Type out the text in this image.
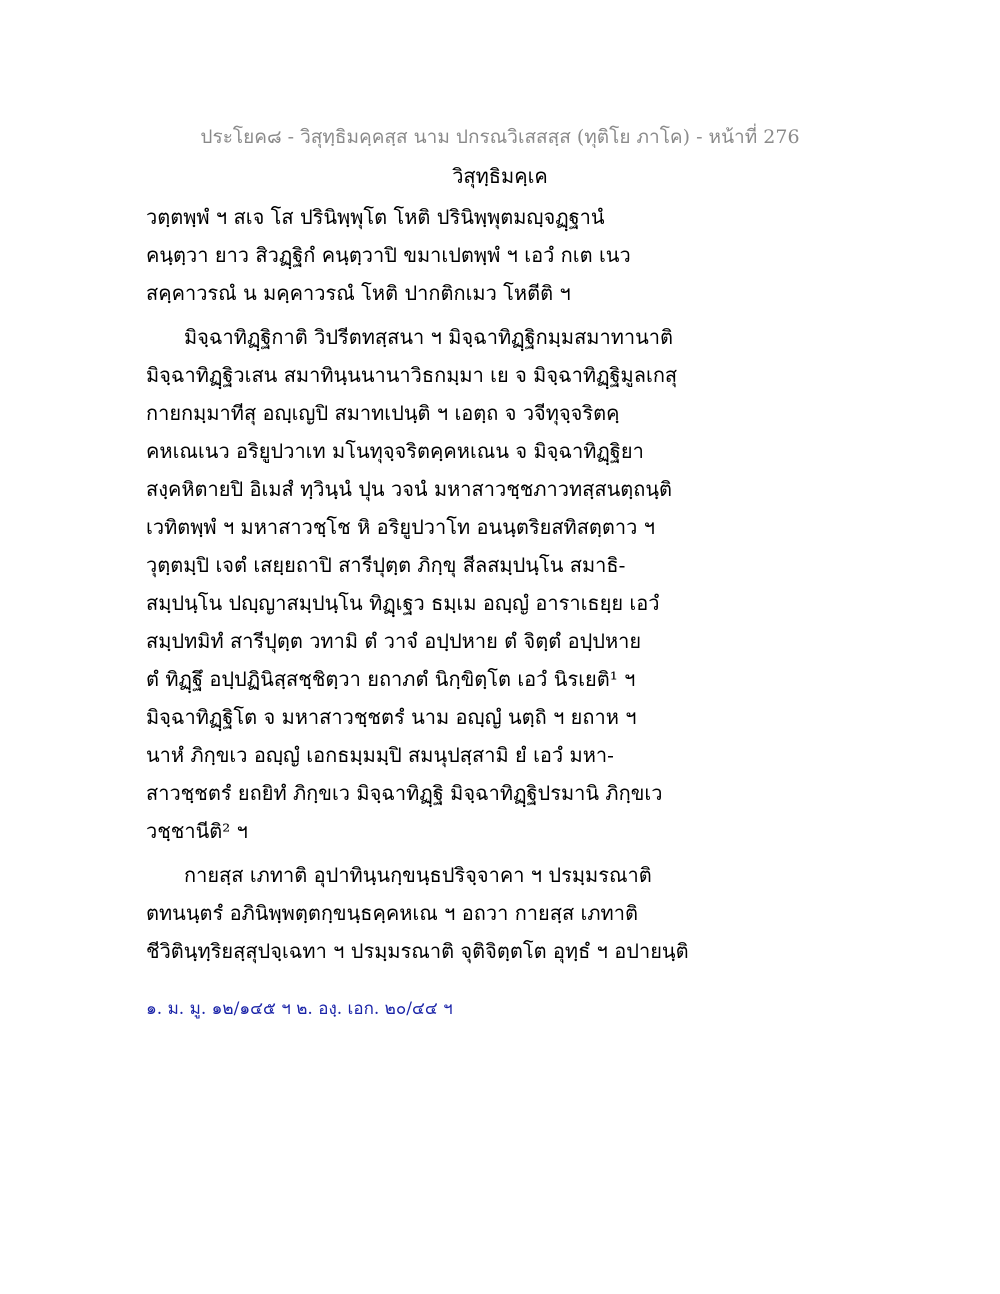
ประโยค๘ - วิสุทฺธิมคฺคสฺส นาม ปกรณวิเสสสฺส (ทุติโย ภาโค) - หน้าที่ 276
วิสุทฺธิมคฺเค
วตฺตพฺพํ ฯ สเจ โส ปรินิพฺพุโต โหติ ปรินิพฺพุตมญฺจฏฺฐานํ
คนฺตฺวา ยาว สิวฏฺฐิกํ คนฺตฺวาปิ ขมาเปตพฺพํ ฯ เอวํ กเต เนว
สคฺคาวรณํ น มคฺคาวรณํ โหติ ปากติกเมว โหตีติ ฯ
มิจฺฉาทิฏฺฐิกาติ วิปรีตทสฺสนา ฯ มิจฺฉาทิฏฺฐิกมฺมสมาทานาติ
มิจฺฉาทิฏฺฐิวเสน สมาทินฺนนานาวิธกมฺมา เย จ มิจฺฉาทิฏฺฐิมูลเกสุ
กายกมฺมาทีสุ อญฺเญปิ สมาทเปนฺติ ฯ เอตฺถ จ วจีทุจฺจริตคฺ
คหเณเนว อริยูปวาเท มโนทุจฺจริตคฺคหเณน จ มิจฺฉาทิฏฺฐิยา
สงฺคหิตายปิ อิเมสํ ทฺวินฺนํ ปุน วจนํ มหาสาวชฺชภาวทสฺสนตฺถนฺติ
เวทิตพฺพํ ฯ มหาสาวชฺโช หิ อริยูปวาโท อนนฺตริยสทิสตฺตาว ฯ
วุตฺตมฺปิ เจตํ เสยฺยถาปิ สารีปุตฺต ภิกฺขุ สีลสมฺปนฺโน สมาธิ-
สมฺปนฺโน ปญฺญาสมฺปนฺโน ทิฏฺเฐว ธมฺเม อญฺญํ อาราเธยฺย เอวํ
สมฺปทมิทํ สารีปุตฺต วทามิ ตํ วาจํ อปฺปหาย ตํ จิตฺตํ อปฺปหาย
ตํ ทิฏฺฐึ อปฺปฏินิสฺสชฺชิตฺวา ยถาภตํ นิกฺขิตฺโต เอวํ นิรเยติ¹ ฯ
มิจฺฉาทิฏฺฐิโต จ มหาสาวชฺชตรํ นาม อญฺญํ นตฺถิ ฯ ยถาห ฯ
นาหํ ภิกฺขเว อญฺญํ เอกธมฺมมฺปิ สมนุปสฺสามิ ยํ เอวํ มหา-
สาวชฺชตรํ ยถยิทํ ภิกฺขเว มิจฺฉาทิฏฺฐิ มิจฺฉาทิฏฺฐิปรมานิ ภิกฺขเว
วชฺชานีติ² ฯ
กายสฺส เภทาติ อุปาทินฺนกฺขนฺธปริจฺจาคา ฯ ปรมฺมรณาติ
ตทนนฺตรํ อภินิพฺพตฺตกฺขนฺธคฺคหเณ ฯ อถวา กายสฺส เภทาติ
ชีวิตินฺทฺริยสฺสุปจฺเฉทา ฯ ปรมฺมรณาติ จุติจิตฺตโต อุทฺธํ ฯ อปายนฺติ
๑. ม. มู. ๑๒/๑๔๕ ฯ ๒. องฺ. เอก. ๒๐/๔๔ ฯ
